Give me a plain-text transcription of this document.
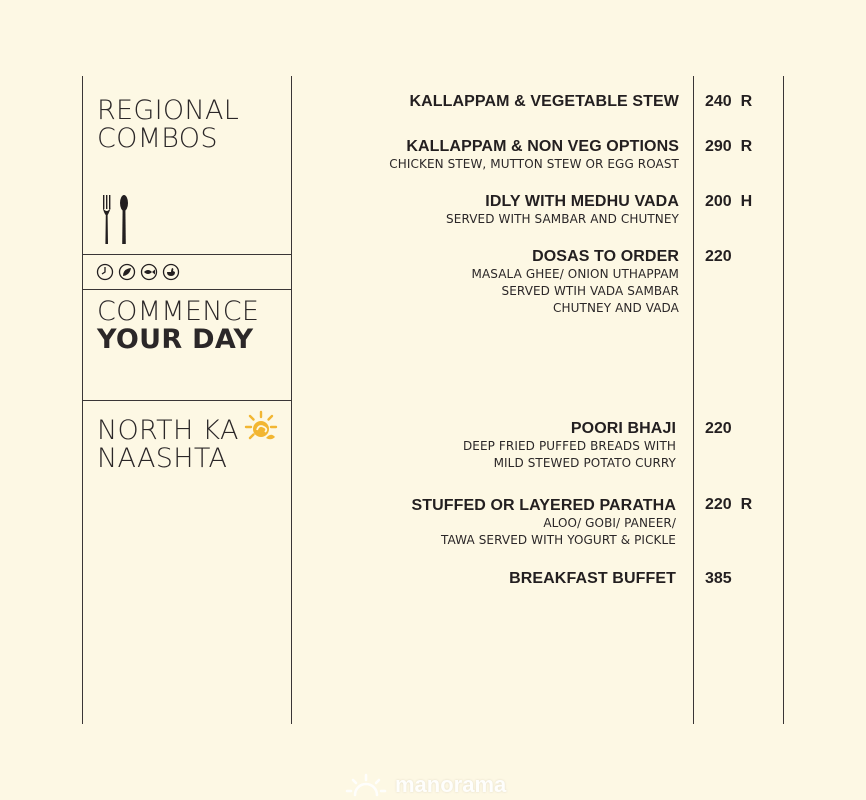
REGIONAL
COMBOS
COMMENCE
YOUR DAY
NORTH KA
NAASHTA
KALLAPPAM & VEGETABLE STEW 240  R
KALLAPPAM & NON VEG OPTIONS
CHICKEN STEW, MUTTON STEW OR EGG ROAST
290  R
IDLY WITH MEDHU VADA
SERVED WITH SAMBAR AND CHUTNEY
200  H
DOSAS TO ORDER
MASALA GHEE/ ONION UTHAPPAM
SERVED WTIH VADA SAMBAR
CHUTNEY AND VADA
220
POORI BHAJI
DEEP FRIED PUFFED BREADS WITH
MILD STEWED POTATO CURRY
220
STUFFED OR LAYERED PARATHA
ALOO/ GOBI/ PANEER/
TAWA SERVED WITH YOGURT & PICKLE
220  R
BREAKFAST BUFFET 385
manorama
